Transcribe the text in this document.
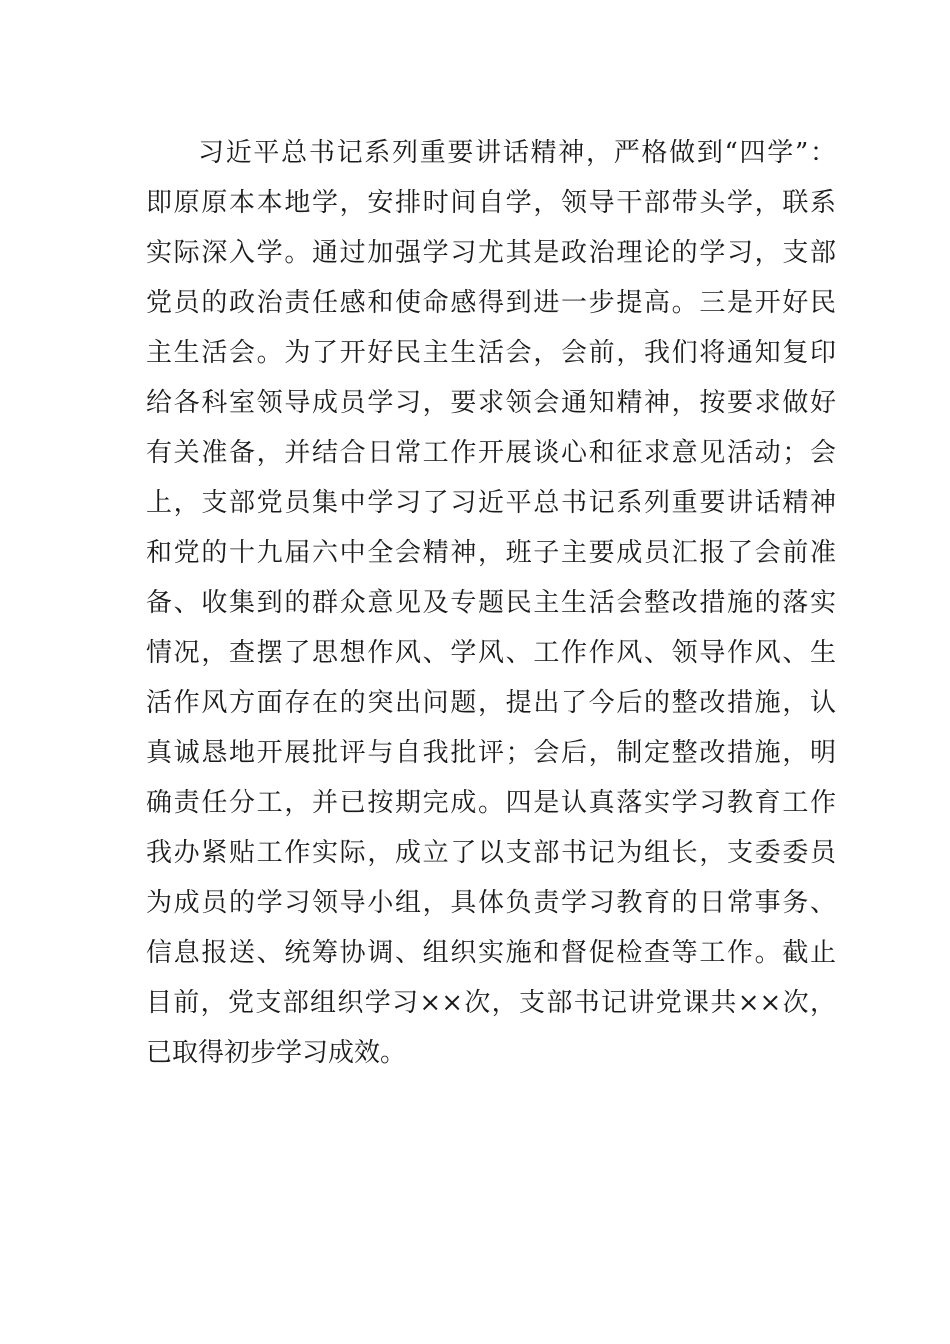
习近平总书记系列重要讲话精神，严格做到“四学”：
即原原本本地学，安排时间自学，领导干部带头学，联系
实际深入学。通过加强学习尤其是政治理论的学习，支部
党员的政治责任感和使命感得到进一步提高。三是开好民
主生活会。为了开好民主生活会，会前，我们将通知复印
给各科室领导成员学习，要求领会通知精神，按要求做好
有关准备，并结合日常工作开展谈心和征求意见活动；会
上，支部党员集中学习了习近平总书记系列重要讲话精神
和党的十九届六中全会精神，班子主要成员汇报了会前准
备、收集到的群众意见及专题民主生活会整改措施的落实
情况，查摆了思想作风、学风、工作作风、领导作风、生
活作风方面存在的突出问题，提出了今后的整改措施，认
真诚恳地开展批评与自我批评；会后，制定整改措施，明
确责任分工，并已按期完成。四是认真落实学习教育工作
我办紧贴工作实际，成立了以支部书记为组长，支委委员
为成员的学习领导小组，具体负责学习教育的日常事务、
信息报送、统筹协调、组织实施和督促检查等工作。截止
目前，党支部组织学习××次，支部书记讲党课共××次，
已取得初步学习成效。
